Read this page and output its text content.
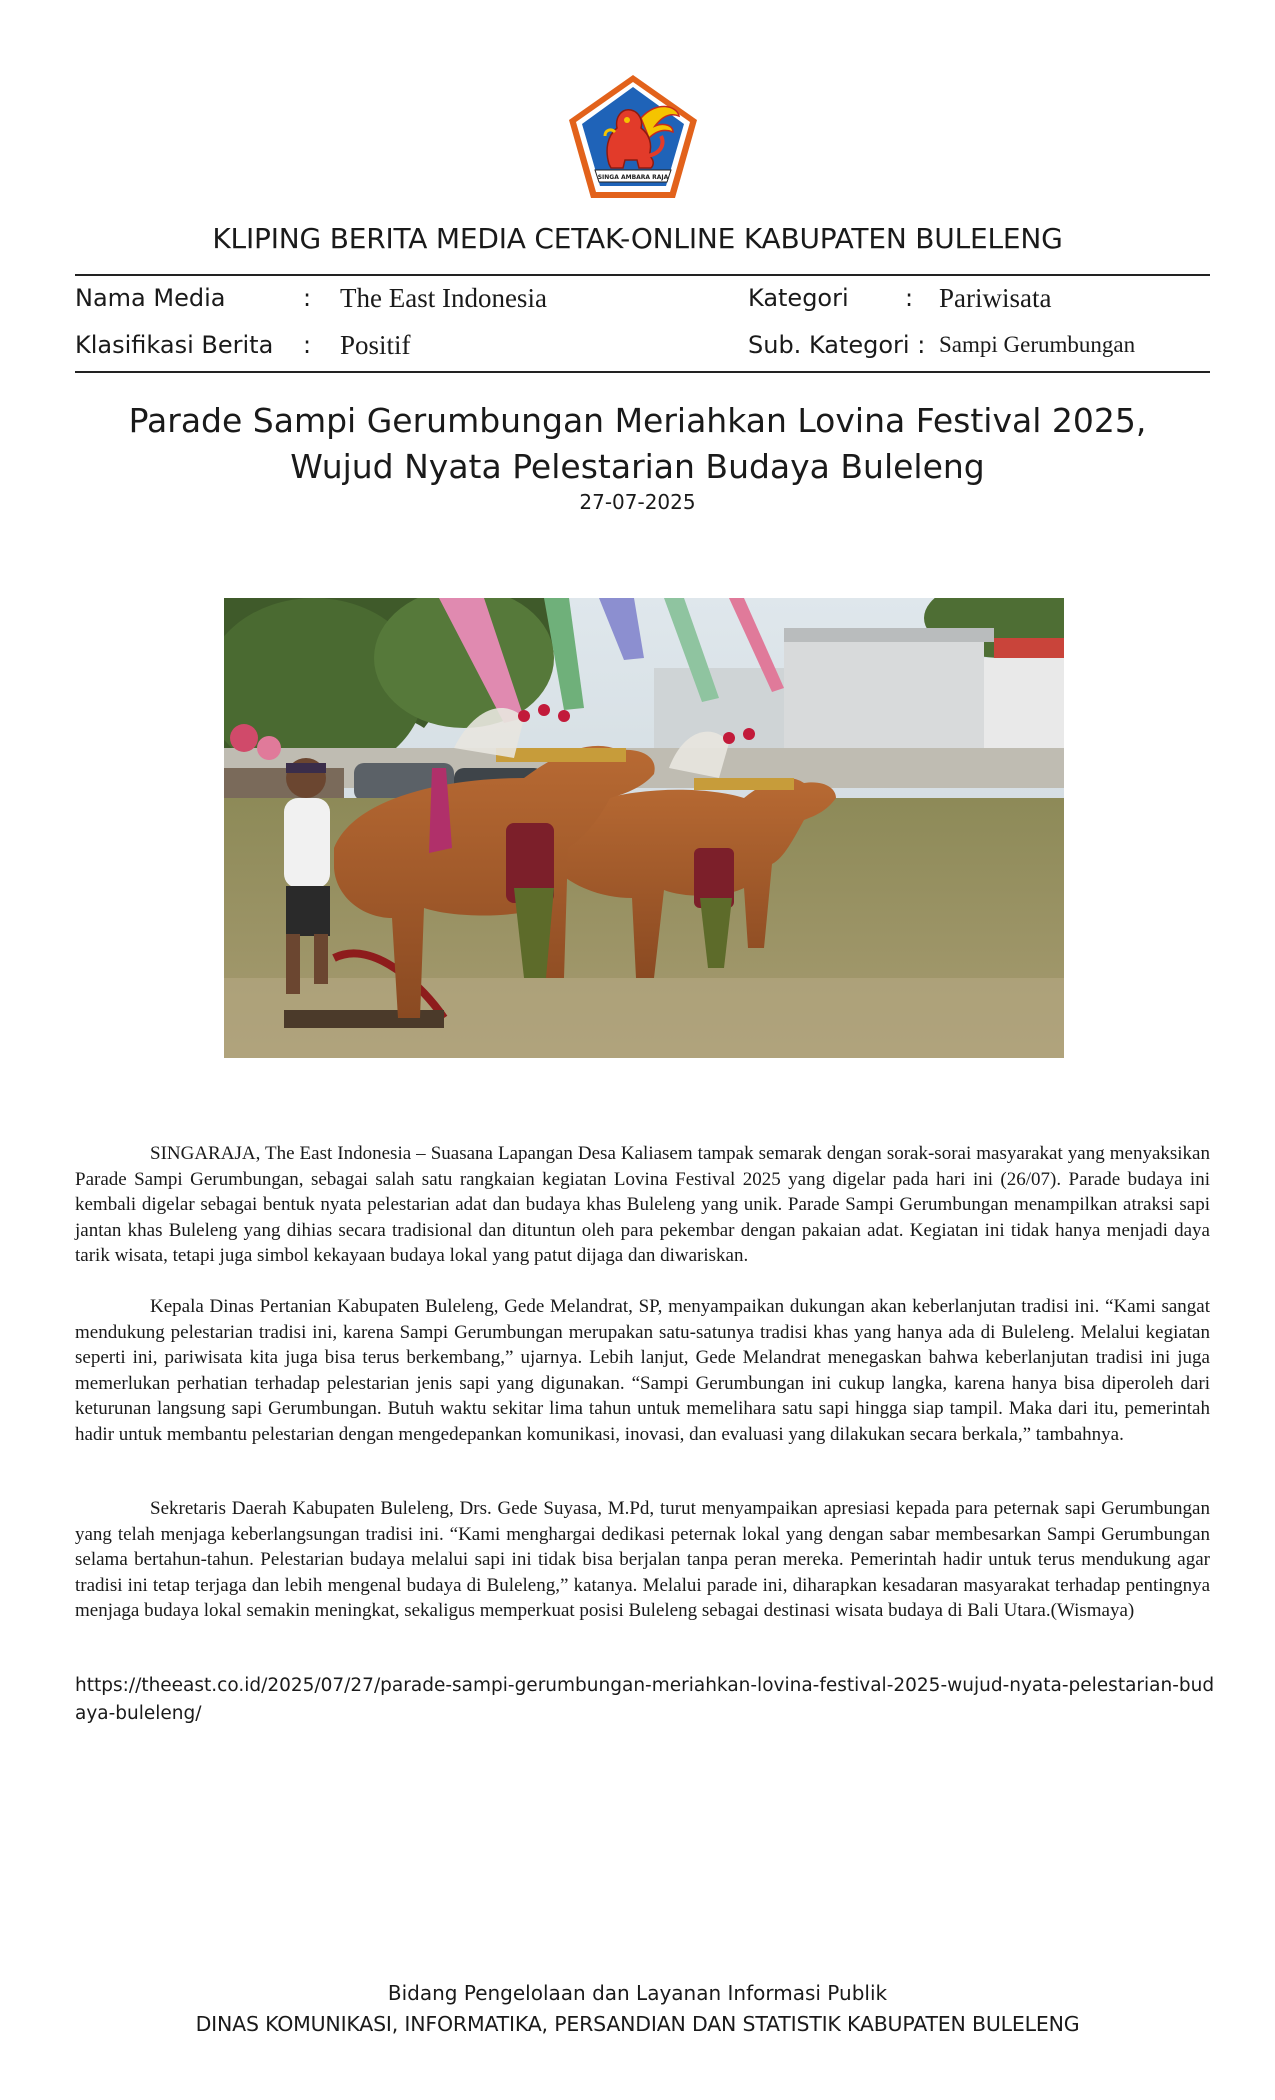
SINGA AMBARA RAJA
KLIPING BERITA MEDIA CETAK-ONLINE KABUPATEN BULELENG
Nama Media	: The East Indonesia	Kategori : Pariwisata
Klasifikasi Berita : Positif	Sub. Kategori : Sampi Gerumbungan
Parade Sampi Gerumbungan Meriahkan Lovina Festival 2025,
Wujud Nyata Pelestarian Budaya Buleleng
27-07-2025

SINGARAJA, The East Indonesia – Suasana Lapangan Desa Kaliasem tampak semarak dengan sorak-sorai masyarakat yang menyaksikan Parade Sampi Gerumbungan, sebagai salah satu rangkaian kegiatan Lovina Festival 2025 yang digelar pada hari ini (26/07). Parade budaya ini kembali digelar sebagai bentuk nyata pelestarian adat dan budaya khas Buleleng yang unik. Parade Sampi Gerumbungan menampilkan atraksi sapi jantan khas Buleleng yang dihias secara tradisional dan dituntun oleh para pekembar dengan pakaian adat. Kegiatan ini tidak hanya menjadi daya tarik wisata, tetapi juga simbol kekayaan budaya lokal yang patut dijaga dan diwariskan.

Kepala Dinas Pertanian Kabupaten Buleleng, Gede Melandrat, SP, menyampaikan dukungan akan keberlanjutan tradisi ini. “Kami sangat mendukung pelestarian tradisi ini, karena Sampi Gerumbungan merupakan satu-satunya tradisi khas yang hanya ada di Buleleng. Melalui kegiatan seperti ini, pariwisata kita juga bisa terus berkembang,” ujarnya. Lebih lanjut, Gede Melandrat menegaskan bahwa keberlanjutan tradisi ini juga memerlukan perhatian terhadap pelestarian jenis sapi yang digunakan. “Sampi Gerumbungan ini cukup langka, karena hanya bisa diperoleh dari keturunan langsung sapi Gerumbungan. Butuh waktu sekitar lima tahun untuk memelihara satu sapi hingga siap tampil. Maka dari itu, pemerintah hadir untuk membantu pelestarian dengan mengedepankan komunikasi, inovasi, dan evaluasi yang dilakukan secara berkala,” tambahnya.

Sekretaris Daerah Kabupaten Buleleng, Drs. Gede Suyasa, M.Pd, turut menyampaikan apresiasi kepada para peternak sapi Gerumbungan yang telah menjaga keberlangsungan tradisi ini. “Kami menghargai dedikasi peternak lokal yang dengan sabar membesarkan Sampi Gerumbungan selama bertahun-tahun. Pelestarian budaya melalui sapi ini tidak bisa berjalan tanpa peran mereka. Pemerintah hadir untuk terus mendukung agar tradisi ini tetap terjaga dan lebih mengenal budaya di Buleleng,” katanya. Melalui parade ini, diharapkan kesadaran masyarakat terhadap pentingnya menjaga budaya lokal semakin meningkat, sekaligus memperkuat posisi Buleleng sebagai destinasi wisata budaya di Bali Utara.(Wismaya)

https://theeast.co.id/2025/07/27/parade-sampi-gerumbungan-meriahkan-lovina-festival-2025-wujud-nyata-pelestarian-budaya-buleleng/
Bidang Pengelolaan dan Layanan Informasi Publik
DINAS KOMUNIKASI, INFORMATIKA, PERSANDIAN DAN STATISTIK KABUPATEN BULELENG
